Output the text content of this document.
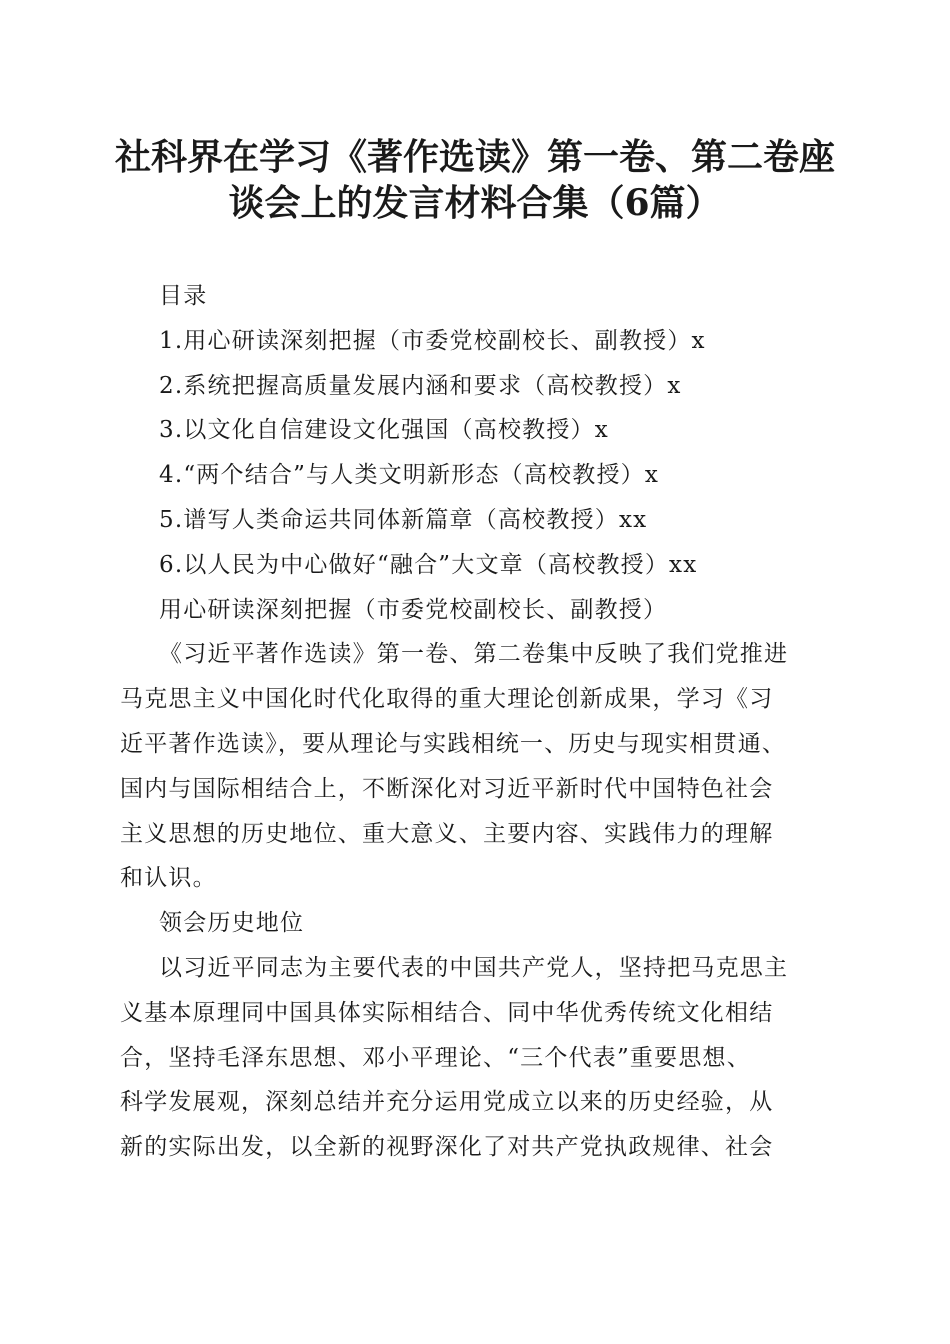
社科界在学习《著作选读》第一卷、第二卷座
谈会上的发言材料合集（6篇）
目录
1.用心研读深刻把握（市委党校副校长、副教授）x
2.系统把握高质量发展内涵和要求（高校教授）x
3.以文化自信建设文化强国（高校教授）x
4.“两个结合”与人类文明新形态（高校教授）x
5.谱写人类命运共同体新篇章（高校教授）xx
6.以人民为中心做好“融合”大文章（高校教授）xx
用心研读深刻把握（市委党校副校长、副教授）
《习近平著作选读》第一卷、第二卷集中反映了我们党推进
马克思主义中国化时代化取得的重大理论创新成果，学习《习
近平著作选读》，要从理论与实践相统一、历史与现实相贯通、
国内与国际相结合上，不断深化对习近平新时代中国特色社会
主义思想的历史地位、重大意义、主要内容、实践伟力的理解
和认识。
领会历史地位
以习近平同志为主要代表的中国共产党人，坚持把马克思主
义基本原理同中国具体实际相结合、同中华优秀传统文化相结
合，坚持毛泽东思想、邓小平理论、“三个代表”重要思想、
科学发展观，深刻总结并充分运用党成立以来的历史经验，从
新的实际出发，以全新的视野深化了对共产党执政规律、社会
